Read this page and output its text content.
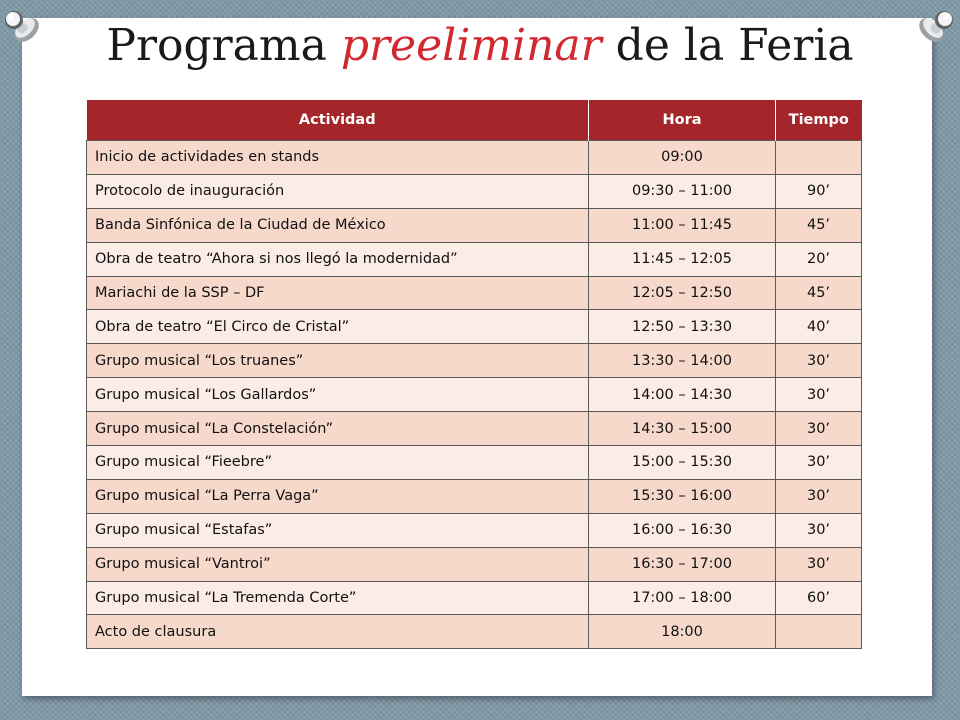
Programa preeliminar de la Feria
Actividad	Hora	Tiempo
Inicio de actividades en stands	09:00	
Protocolo de inauguración	09:30 – 11:00	90’
Banda Sinfónica de la Ciudad de México	11:00 – 11:45	45’
Obra de teatro “Ahora si nos llegó la modernidad”	11:45 – 12:05	20’
Mariachi de la SSP – DF	12:05 – 12:50	45’
Obra de teatro “El Circo de Cristal”	12:50 – 13:30	40’
Grupo musical “Los truanes”	13:30 – 14:00	30’
Grupo musical “Los Gallardos”	14:00 – 14:30	30’
Grupo musical “La Constelación”	14:30 – 15:00	30’
Grupo musical “Fieebre”	15:00 – 15:30	30’
Grupo musical “La Perra Vaga”	15:30 – 16:00	30’
Grupo musical “Estafas”	16:00 – 16:30	30’
Grupo musical “Vantroi”	16:30 – 17:00	30’
Grupo musical “La Tremenda Corte”	17:00 – 18:00	60’
Acto de clausura	18:00	
